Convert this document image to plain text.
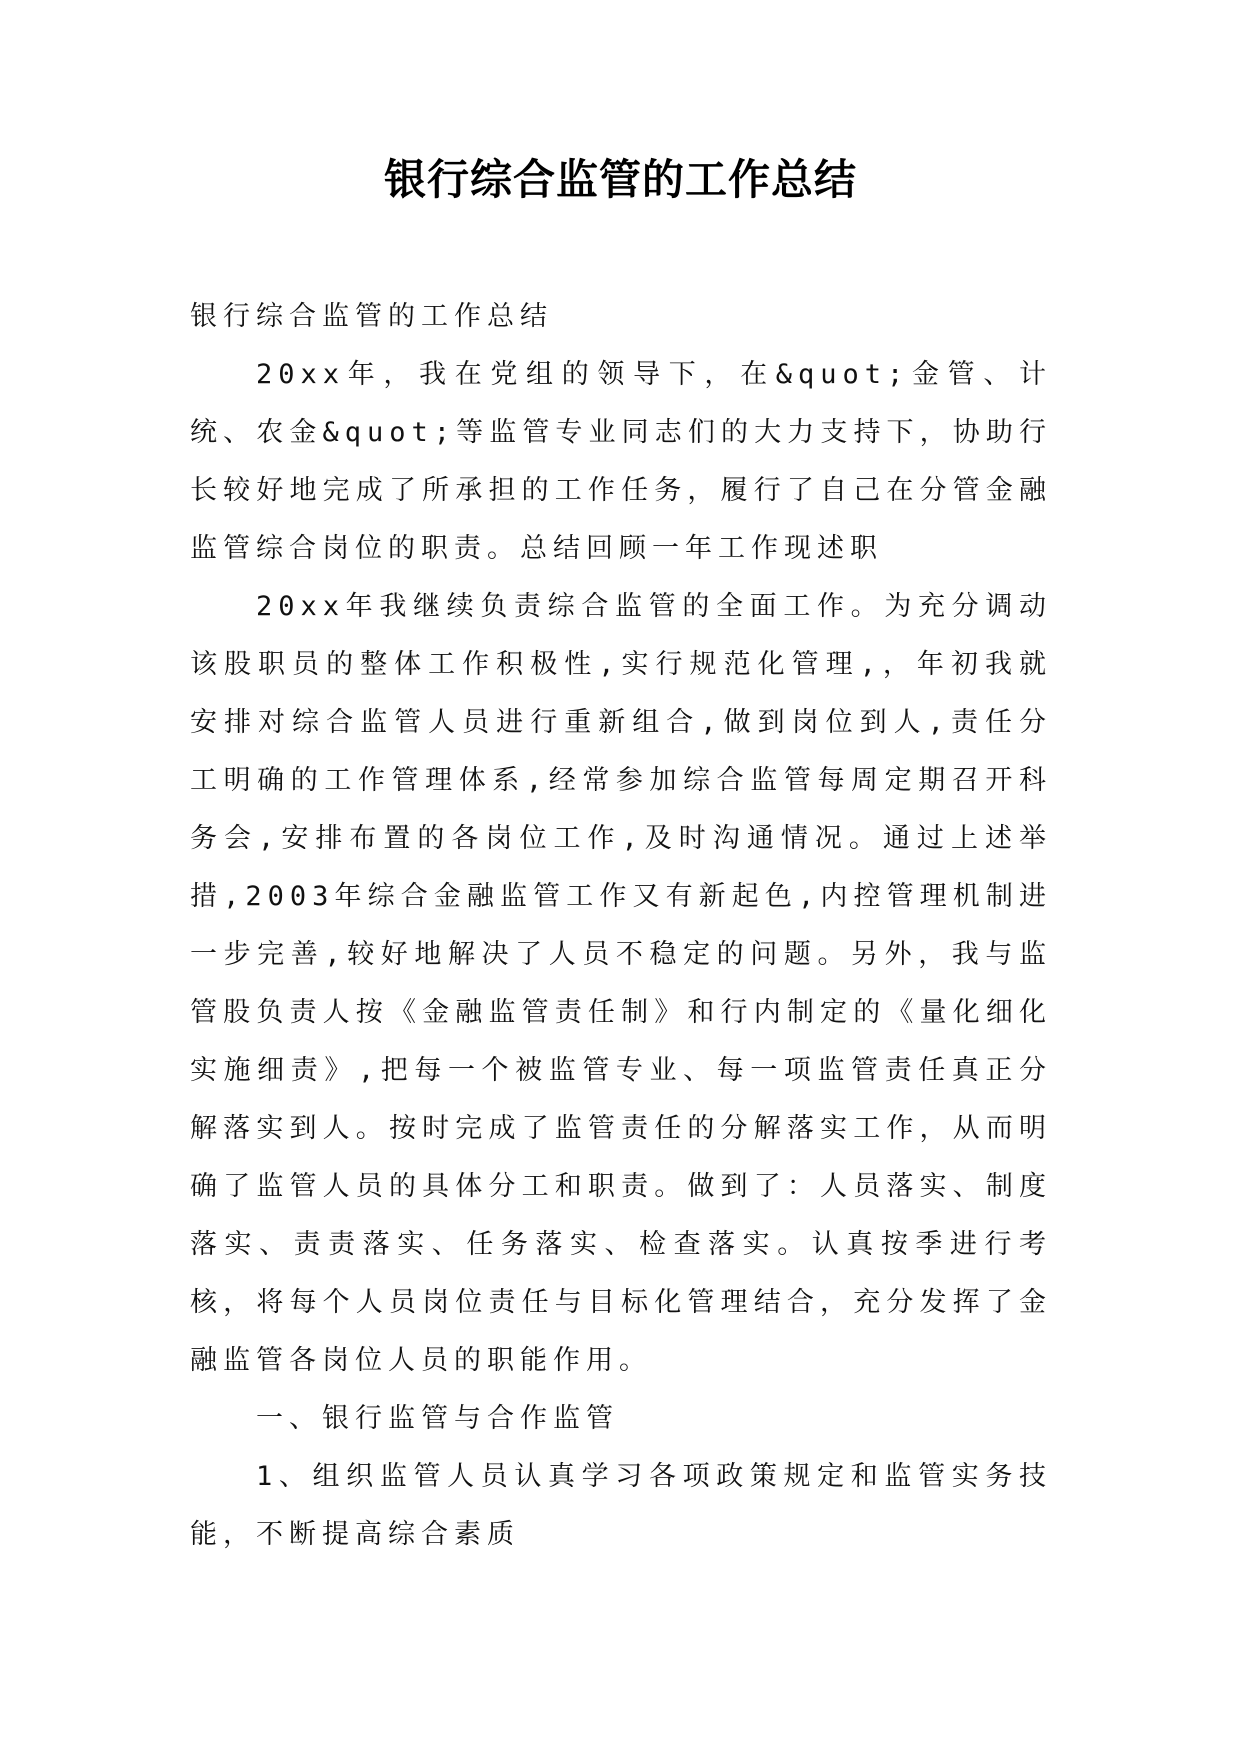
银行综合监管的工作总结

银行综合监管的工作总结

20xx年，我在党组的领导下，在&quot;金管、计统、农金&quot;等监管专业同志们的大力支持下，协助行长较好地完成了所承担的工作任务，履行了自己在分管金融监管综合岗位的职责。总结回顾一年工作现述职

20xx年我继续负责综合监管的全面工作。为充分调动该股职员的整体工作积极性,实行规范化管理,，年初我就安排对综合监管人员进行重新组合,做到岗位到人,责任分工明确的工作管理体系,经常参加综合监管每周定期召开科务会,安排布置的各岗位工作,及时沟通情况。通过上述举措,2003年综合金融监管工作又有新起色,内控管理机制进一步完善,较好地解决了人员不稳定的问题。另外，我与监管股负责人按《金融监管责任制》和行内制定的《量化细化实施细责》,把每一个被监管专业、每一项监管责任真正分解落实到人。按时完成了监管责任的分解落实工作，从而明确了监管人员的具体分工和职责。做到了：人员落实、制度落实、责责落实、任务落实、检查落实。认真按季进行考核，将每个人员岗位责任与目标化管理结合，充分发挥了金融监管各岗位人员的职能作用。

一、银行监管与合作监管

1、组织监管人员认真学习各项政策规定和监管实务技能，不断提高综合素质
